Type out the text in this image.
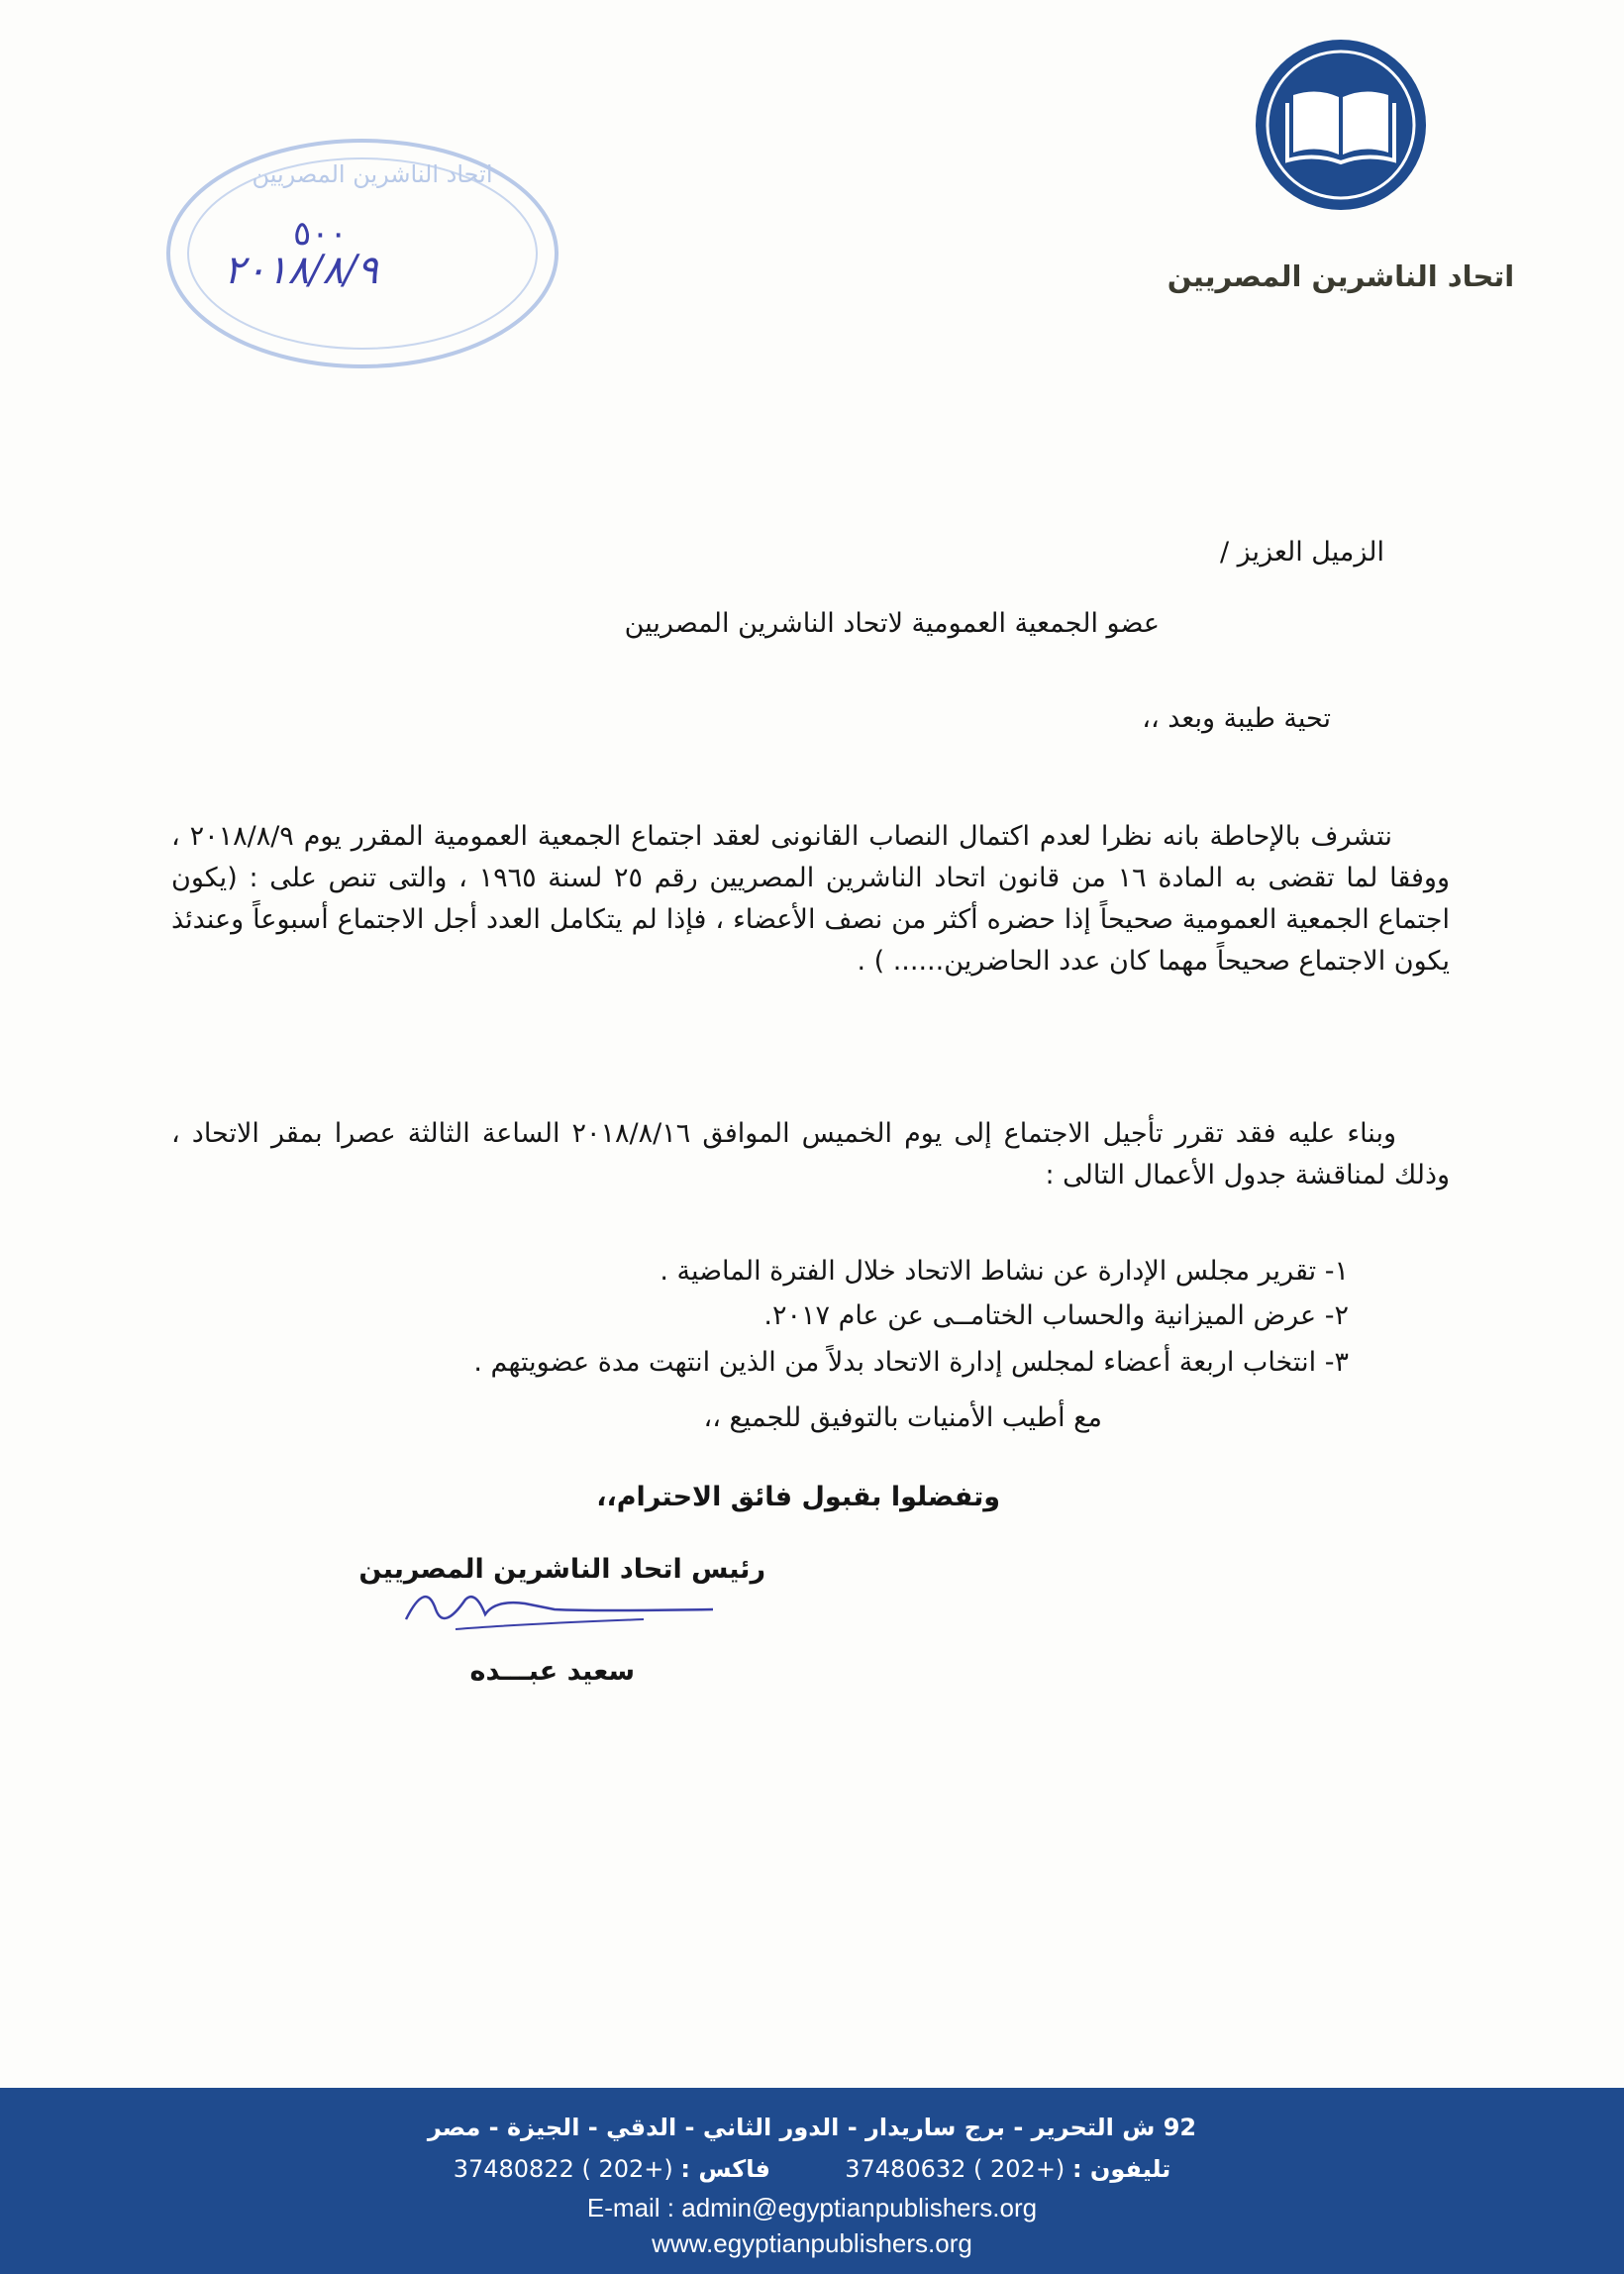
اتحاد الناشرين المصريين
اتحاد الناشرين المصريين
٥٠٠
٢٠١٨/٨/٩
الزميل العزيز /
عضو الجمعية العمومية لاتحاد الناشرين المصريين
تحية طيبة وبعد ،،

نتشرف بالإحاطة بانه نظرا لعدم اكتمال النصاب القانونى لعقد اجتماع الجمعية العمومية المقرر يوم ٢٠١٨/٨/٩ ، ووفقا لما تقضى به المادة ١٦ من قانون اتحاد الناشرين المصريين رقم ٢٥ لسنة ١٩٦٥ ، والتى تنص على : (يكون اجتماع الجمعية العمومية صحيحاً إذا حضره أكثر من نصف الأعضاء ، فإذا لم يتكامل العدد أجل الاجتماع أسبوعاً وعندئذ يكون الاجتماع صحيحاً مهما كان عدد الحاضرين...... ) .

وبناء عليه فقد تقرر تأجيل الاجتماع إلى يوم الخميس الموافق ٢٠١٨/٨/١٦ الساعة الثالثة عصرا بمقر الاتحاد ، وذلك لمناقشة جدول الأعمال التالى :

١- تقرير مجلس الإدارة عن نشاط الاتحاد خلال الفترة الماضية .
٢- عرض الميزانية والحساب الختامــى عن عام ٢٠١٧.
٣- انتخاب اربعة أعضاء لمجلس إدارة الاتحاد بدلاً من الذين انتهت مدة عضويتهم .
مع أطيب الأمنيات بالتوفيق للجميع ،،
وتفضلوا بقبول فائق الاحترام،،
رئيس اتحاد الناشرين المصريين
سعيد عبـــده
92 ش التحرير - برج ساريدار - الدور الثاني - الدقي - الجيزة - مصر
تليفون : 37480632 ( 202+)  فاكس : 37480822 ( 202+)
E-mail : admin@egyptianpublishers.org
www.egyptianpublishers.org
